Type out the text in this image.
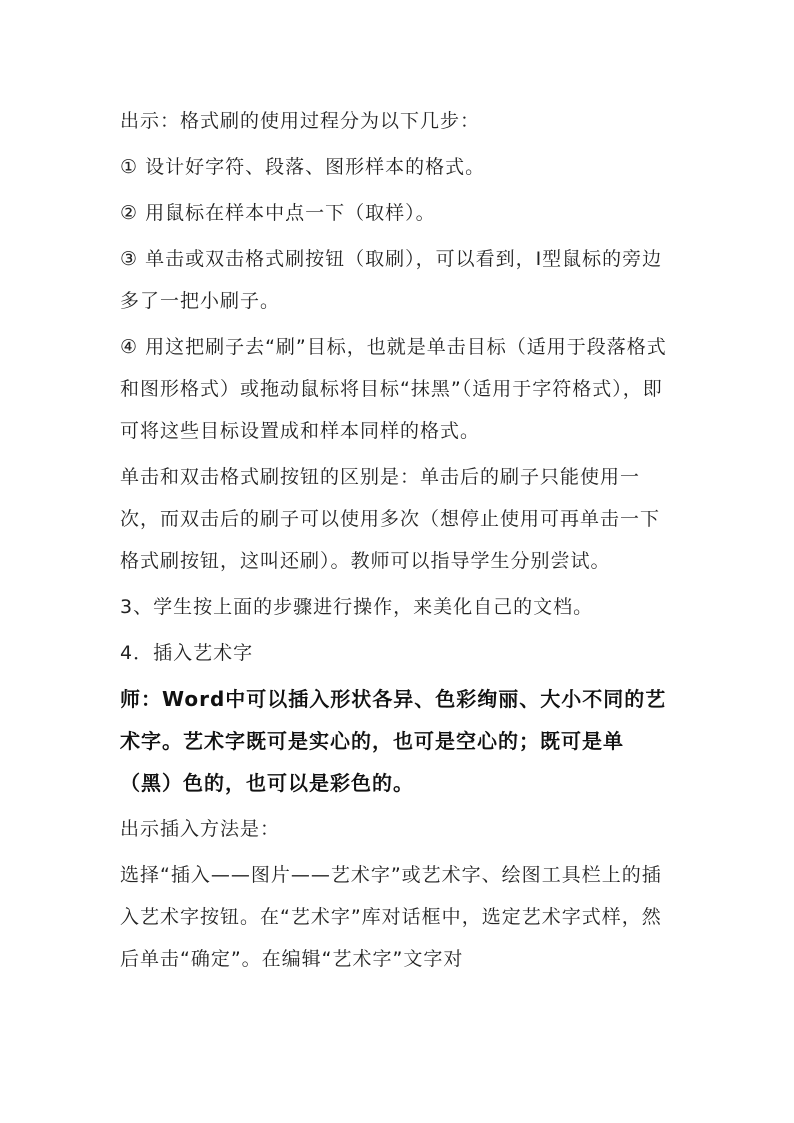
出示：格式刷的使用过程分为以下几步：

① 设计好字符、段落、图形样本的格式。

② 用鼠标在样本中点一下（取样）。

③ 单击或双击格式刷按钮（取刷），可以看到，I型鼠标的旁边多了一把小刷子。

④ 用这把刷子去“刷”目标，也就是单击目标（适用于段落格式和图形格式）或拖动鼠标将目标“抹黑”（适用于字符格式），即可将这些目标设置成和样本同样的格式。

单击和双击格式刷按钮的区别是：单击后的刷子只能使用一次，而双击后的刷子可以使用多次（想停止使用可再单击一下格式刷按钮，这叫还刷）。教师可以指导学生分别尝试。

3、学生按上面的步骤进行操作，来美化自己的文档。

4．插入艺术字

师：Word中可以插入形状各异、色彩绚丽、大小不同的艺术字。艺术字既可是实心的，也可是空心的；既可是单（黑）色的，也可以是彩色的。

出示插入方法是：

选择“插入——图片——艺术字”或艺术字、绘图工具栏上的插入艺术字按钮。在“艺术字”库对话框中，选定艺术字式样，然后单击“确定”。在编辑“艺术字”文字对
